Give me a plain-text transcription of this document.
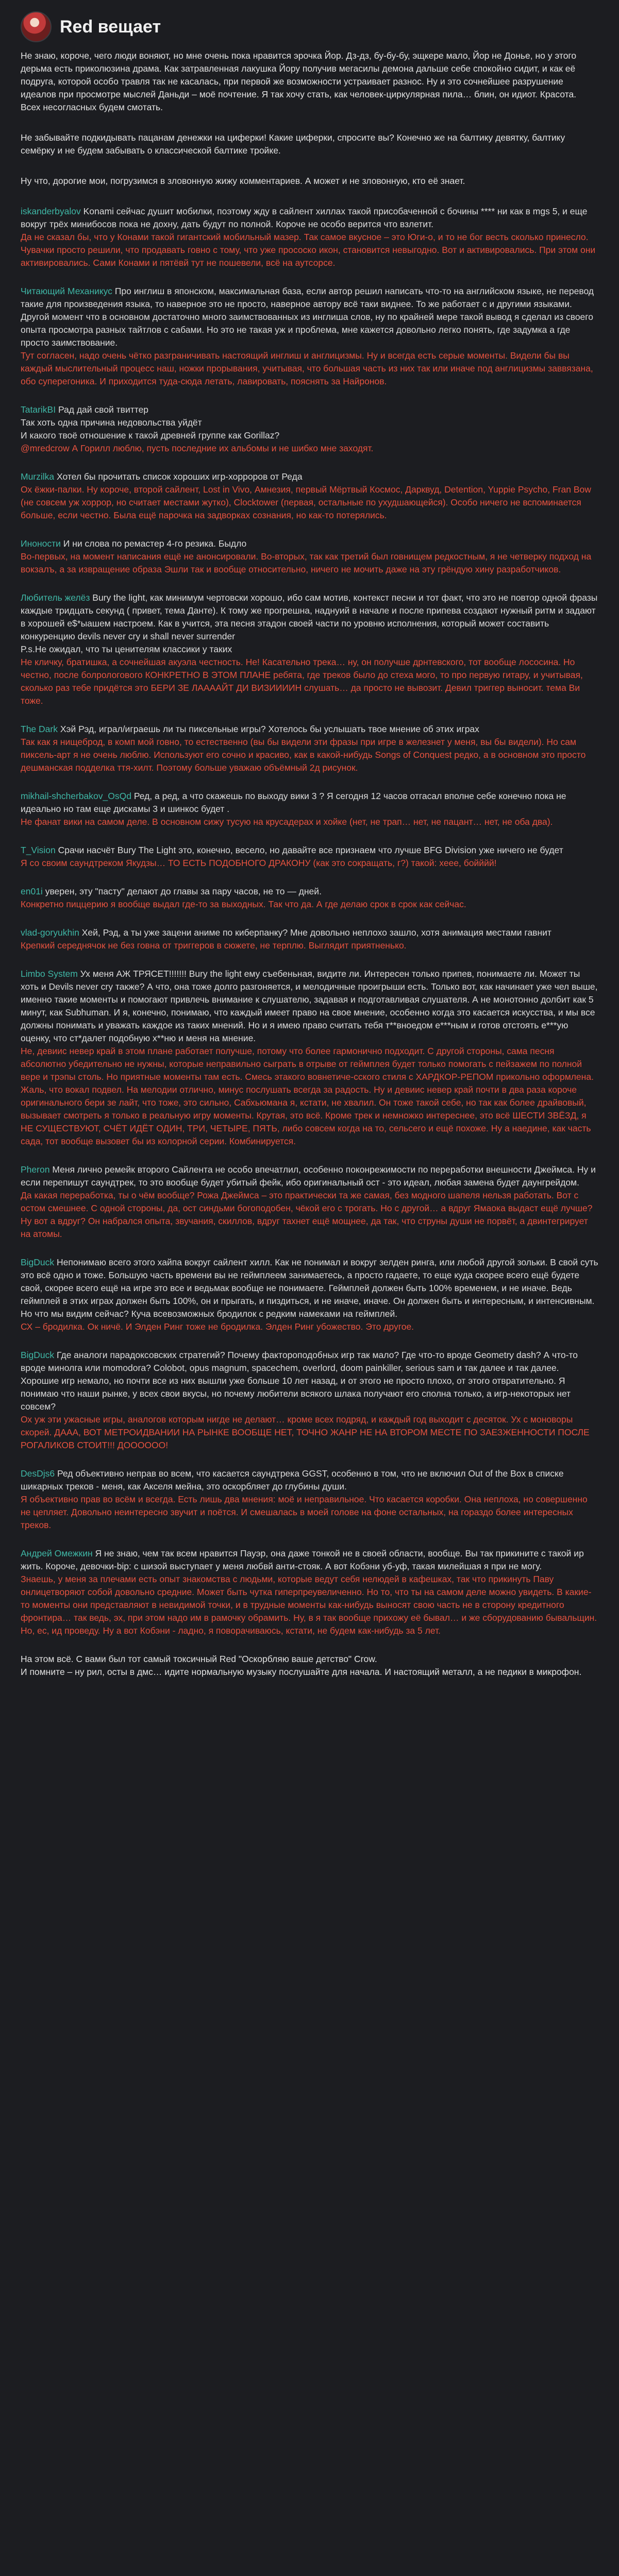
Red вещает

Не знаю, короче, чего люди воняют, но мне очень пока нравится эрочка Йор. Дз-дз, бу-бу-бу, эщкере мало, Йор не Донье, но у этого дерьма есть приколюзина драма. Как затравленная лакушка Йору получив мегасилы демона дальше себе спокойно сидит, и как её подруга, которой особо травля так не касалась, при первой же возможности устраивает разнос. Ну и это сочнейшее разрушение идеалов при просмотре мыслей Даньди – моё почтение. Я так хочу стать, как человек-циркулярная пила… блин, он идиот. Красота. Всех несогласных будем смотать.

Не забывайте подкидывать пацанам денежки на циферки! Какие циферки, спросите вы? Конечно же на балтику девятку, балтику семёрку и не будем забывать о классической балтике тройке.

Ну что, дорогие мои, погрузимся в зловонную жижу комментариев. А может и не зловонную, кто её знает.

iskanderbyalov Konami сейчас душит мобилки, поэтому жду в сайлент хиллах такой присобаченной с бочины **** ни как в mgs 5, и еще вокруг трёх минибосов пока не дохну, дать будут по полной. Короче не особо верится что взлетит.
Да не сказал бы, что у Конами такой гигантский мобильный мазер. Так самое вкусное – это Юги-о, и то не бог весть сколько принесло. Чувачки просто решили, что продавать говно с тому, что уже прососко икон, становится невыгодно. Вот и активировались. При этом они активировались. Сами Конами и пятёвй тут не пошевели, всё на аутсорсе.
Читающий Механикус Про инглиш в японском, максимальная база, если автор решил написать что-то на английском языке, не перевод такие для произведения языка, то наверное это не просто, наверное автору всё таки виднее. То же работает с и другими языками. Другой момент что в основном достаточно много заимствованных из инглиша слов, ну по крайней мере такой вывод я сделал из своего опыта просмотра разных тайтлов с сабами. Но это не такая уж и проблема, мне кажется довольно легко понять, где задумка а где просто заимствование.
Тут согласен, надо очень чётко разграничивать настоящий инглиш и англицизмы. Ну и всегда есть серые моменты. Видели бы вы каждый мыслительный процесс наш, ножки прорывания, учитывая, что большая часть из них так или иначе под англицизмы заввязана, обо суперегоника. И приходится туда-сюда летать, лавировать, пояснять за Найронов.
TatarikBI Рад дай свой твиттер
Так хоть одна причина недовольства уйдёт
И какого твоё отношение к такой древней группе как Gorillaz?
@mredcrow А Горилл люблю, пусть последние их альбомы и не шибко мне заходят.
Murzilka Хотел бы прочитать список хороших игр-хорроров от Реда
Ох ёжки-палки. Ну короче, второй сайлент, Lost in Vivo, Амнезия, первый Мёртвый Космос, Дарквуд, Detention, Yuppie Psycho, Fran Bow (не совсем уж хоррор, но считает местами жутко), Clocktower (первая, остальные по ухудшающейся). Особо ничего не вспоминается больше, если честно. Была ещё парочка на задворках сознания, но как-то потерялись.
Иноности И ни слова по ремастер 4-го резика. Быдло
Во-первых, на момент написания ещё не анонсировали. Во-вторых, так как третий был говнищем редкостным, я не четверку подход на вокзалъ, а за извращение образа Эшли так и вообще относительно, ничего не мочить даже на эту грёндую хину разработчиков.
Любитель желёз Bury the light, как минимум чертовски хорошо, ибо сам мотив, контекст песни и тот факт, что это не повтор одной фразы каждые тридцать секунд ( привет, тема Данте). К тому же прогрешна, наднуий в начале и после припева создают нужный ритм и задают в хорошей е$*ыашем настроем. Как в учится, эта песня этадон своей части по уровню исполнения, который может составить конкуренцию devils never cry и shall never surrender
P.s.Не ожидал, что ты ценителям классики у таких
Не кличку, братишка, а сочнейшая акуэла честность. Не! Касательно трека… ну, он получше дрнтевского, тот вообще лососина. Но честно, после болрологового КОНКРЕТНО В ЭТОМ ПЛАНЕ ребята, где треков было до стеха мого, то про первую гитару, и учитывая, сколько раз тебе придётся это БЕРИ ЗЕ ЛААААЙТ ДИ ВИЗИИИИН слушать… да просто не вывозит. Девил триггер выносит. тема Ви тоже.
The Dark Хэй Рэд, играл/играешь ли ты пиксельные игры? Хотелось бы услышать твое мнение об этих играх
Так как я нищеброд, в комп мой говно, то естественно (вы бы видели эти фразы при игре в железнет у меня, вы бы видели). Но сам пиксель-арт я не очень люблю. Используют его сочно и красиво, как в какой-нибудь Songs of Conquest редко, а в основном это просто дешманская подделка ття-хилт. Поэтому больше уважаю объёмный 2д рисунок.
mikhail-shcherbakov_OsQd Ред, а ред, а что скажешь по выходу вики 3 ? Я сегодня 12 часов отгасал вполне себе конечно пока не идеально но там еще дискамы 3 и шинкос будет .
Не фанат вики на самом деле. В основном сижу тусую на крусадерах и хойке (нет, не трап… нет, не пацант… нет, не оба два).
T_Vision Срачи насчёт Bury The Light это, конечно, весело, но давайте все признаем что лучше BFG Division уже ничего не будет
Я со своим саундтреком Якудзы… ТО ЕСТЬ ПОДОБНОГО ДРАКОНУ (как это сокращать, г?) такой: хеее, бойййй!
en01i уверен, эту "пасту" делают до главы за пару часов, не то — дней.
Конкретно пиццерию я вообще выдал где-то за выходных. Так что да. А где делаю срок в срок как сейчас.
vlad-goryukhin Хей, Рэд, а ты уже зацени аниме по киберпанку? Мне довольно неплохо зашло, хотя анимация местами гавнит
Крепкий середнячок не без говна от триггеров в сюжете, не терплю. Выглядит приятненько.
Limbo System Ух меня АЖ ТРЯСЕТ!!!!!!! Bury the light ему съебеньная, видите ли. Интересен только припев, понимаете ли. Может ты хоть и Devils never cry также? А что, она тоже долго разгоняется, и мелодичные проигрыши есть. Только вот, как начинает уже чел выше, именно такие моменты и помогают привлечь внимание к слушателю, задавая и подготавливая слушателя. А не монотонно долбит как 5 минут, как Subhuman. И я, конечно, понимаю, что каждый имеет право на свое мнение, особенно когда это касается искусства, и мы все должны понимать и уважать каждое из таких мнений. Но и я имею право считать тебя т**вноедом е***ным и готов отстоять е***ую оценку, что ст*далет подобную х**ню и меня на мнение.
Не, девиис невер край в этом плане работает получше, потому что более гармонично подходит. С другой стороны, сама песня абсолютно убедительно не нужны, которые неправильно сыграть в отрыве от геймплея будет только помогать с пейзажем по полной вере и трэпы столь. Но приятные моменты там есть. Смесь этакого вовнетиче-сского стиля с ХАРДКОР-РЕПОМ прикольно оформлена. Жаль, что вокал подвел. На мелодии отлично, минус послушать всегда за радость. Ну и девиис невер край почти в два раза короче оригинального бери зе лайт, что тоже, это сильно, Сабхьюмана я, кстати, не хвалил. Он тоже такой себе, но так как более драйвовый, вызывает смотреть я только в реальную игру моменты. Крутая, это всё. Кроме трек и немножко интереснее, это всё ШЕСТИ ЗВЁЗД, я НЕ СУЩЕСТВУЮТ, СЧЁТ ИДЁТ ОДИН, ТРИ, ЧЕТЫРЕ, ПЯТЬ, либо совсем когда на то, сельсего и ещё похоже. Ну а наедине, как часть сада, тот вообще вызовет бы из колорной серии. Комбинируется.
Pheron Меня лично ремейк второго Сайлента не особо впечатлил, особенно поконрежимости по переработки внешности Джеймса. Ну и если перепишут саундтрек, то это вообще будет убитый фейк, ибо оригинальный ост - это идеал, любая замена будет даунгрейдом.
Да какая переработка, ты о чём вообще? Рожа Джеймса – это практически та же самая, без модного шапеля нельзя работать. Вот с остом смешнее. С одной стороны, да, ост синдьми богоподобен, чёкой его с трогать. Но с другой… а вдруг Ямаока выдаст ещё лучше? Ну вот а вдруг? Он набрался опыта, звучания, скиллов, вдруг тахнет ещё мощнее, да так, что струны души не порвёт, а двинтегрирует на атомы.
BigDuck Непонимаю всего этого хайпа вокруг сайлент хилл. Как не понимал и вокруг зелден ринга, или любой другой зольки. В свой суть это всё одно и тоже. Большую часть времени вы не геймплеем занимаетесь, а просто гадаете, то еще куда скорее всего ещё будете свой, скорее всего ещё на игре это все и ведьмак вообще не понимаете. Геймплей должен быть 100% временем, и не иначе. Ведь геймплей в этих играх должен быть 100%, он и прыгать, и пиздиться, и не иначе, иначе. Он должен быть и интересным, и интенсивным. Но что мы видим сейчас? Куча всевозможных бродилок с редким намеками на геймплей.
СХ – бродилка. Ок ничё. И Элден Ринг тоже не бродилка. Элден Ринг убожество. Это другое.
BigDuck Где аналоги парадоксовских стратегий? Почему фактороподобных игр так мало? Где что-то вроде Geometry dash? А что-то вроде минолга или momodora? Colobot, opus magnum, spacechem, overlord, doom painkiller, serious sam и так далее и так далее. Хорошие игр немало, но почти все из них вышли уже больше 10 лет назад, и от этого не просто плохо, от этого отвратительно. Я понимаю что наши рынке, у всех свои вкусы, но почему любители всякого шлака получают его сполна только, а игр-некоторых нет совсем?
Ох уж эти ужасные игры, аналогов которым нигде не делают… кроме всех подряд, и каждый год выходит с десяток. Ух с моноворы скорей. ДААА, ВОТ МЕТРОИДВАНИИ НА РЫНКЕ ВООБЩЕ НЕТ, ТОЧНО ЖАНР НЕ НА ВТОРОМ МЕСТЕ ПО ЗАЕЗЖЕННОСТИ ПОСЛЕ РОГАЛИКОВ СТОИТ!!! ДОООООО!
DesDjs6 Ред объективно неправ во всем, что касается саундтрека GGST, особенно в том, что не включил Out of the Box в списке шикарных треков - меня, как Акселя мейна, это оскорбляет до глубины души.
Я объективно прав во всём и всегда. Есть лишь два мнения: моё и неправильное. Что касается коробки. Она неплоха, но совершенно не цепляет. Довольно неинтересно звучит и поётся. И смешалась в моей голове на фоне остальных, на гораздо более интересных треков.
Андрей Омежкин Я не знаю, чем так всем нравится Пауэр, она даже тонкой не в своей области, вообще. Вы так прикините с такой ир жить. Короче, девочки-bip: с шизой выступает у меня любвй анти-стояк. А вот Кобэни уб-уф, такая милейшая я при не могу.
Знаешь, у меня за плечами есть опыт знакомства с людьми, которые ведут себя нелюдей в кафешках, так что прикинуть Паву онлицетворяют собой довольно средние. Может быть чутка гиперпреувеличенно. Но то, что ты на самом деле можно увидеть. В какие-то моменты они представляют в невидимой точки, и в трудные моменты как-нибудь выносят свою часть не в сторону кредитного фронтира… так ведь, эх, при этом надо им в рамочку обрамить. Ну, в я так вообще прихожу её бывал… и же сборудованию бывальщин. Но, ес, ид проведу. Ну а вот Кобэни - ладно, я поворачиваюсь, кстати, не будем как-нибудь за 5 лет.

На этом всё. С вами был тот самый токсичный Red "Оскорбляю ваше детство" Crow.
И помните – ну рил, осты в дмс… идите нормальную музыку послушайте для начала. И настоящий металл, а не педики в микрофон.
